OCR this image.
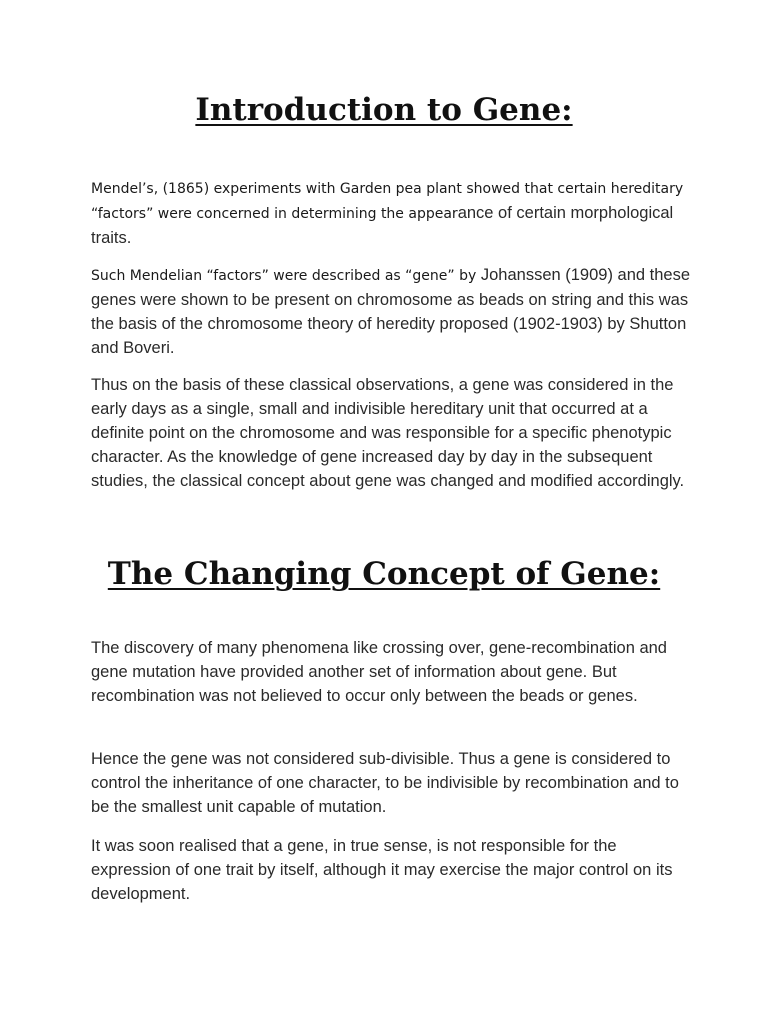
Introduction to Gene:

Mendel’s, (1865) experiments with Garden pea plant showed that certain hereditary “factors” were concerned in determining the appearance of certain morphological traits.

Such Mendelian “factors” were described as “gene” by Johanssen (1909) and these genes were shown to be present on chromosome as beads on string and this was the basis of the chromosome theory of heredity proposed (1902-1903) by Shutton and Boveri.

Thus on the basis of these classical observations, a gene was considered in the early days as a single, small and indivisible hereditary unit that occurred at a definite point on the chromosome and was responsible for a specific phenotypic character. As the knowledge of gene increased day by day in the subsequent studies, the classical concept about gene was changed and modified accordingly.

The Changing Concept of Gene:

The discovery of many phenomena like crossing over, gene-recombination and gene mutation have provided another set of information about gene. But recombination was not believed to occur only between the beads or genes.

Hence the gene was not considered sub-divisible. Thus a gene is considered to control the inheritance of one character, to be indivisible by recombination and to be the smallest unit capable of mutation.

It was soon realised that a gene, in true sense, is not responsible for the expression of one trait by itself, although it may exercise the major control on its development.
